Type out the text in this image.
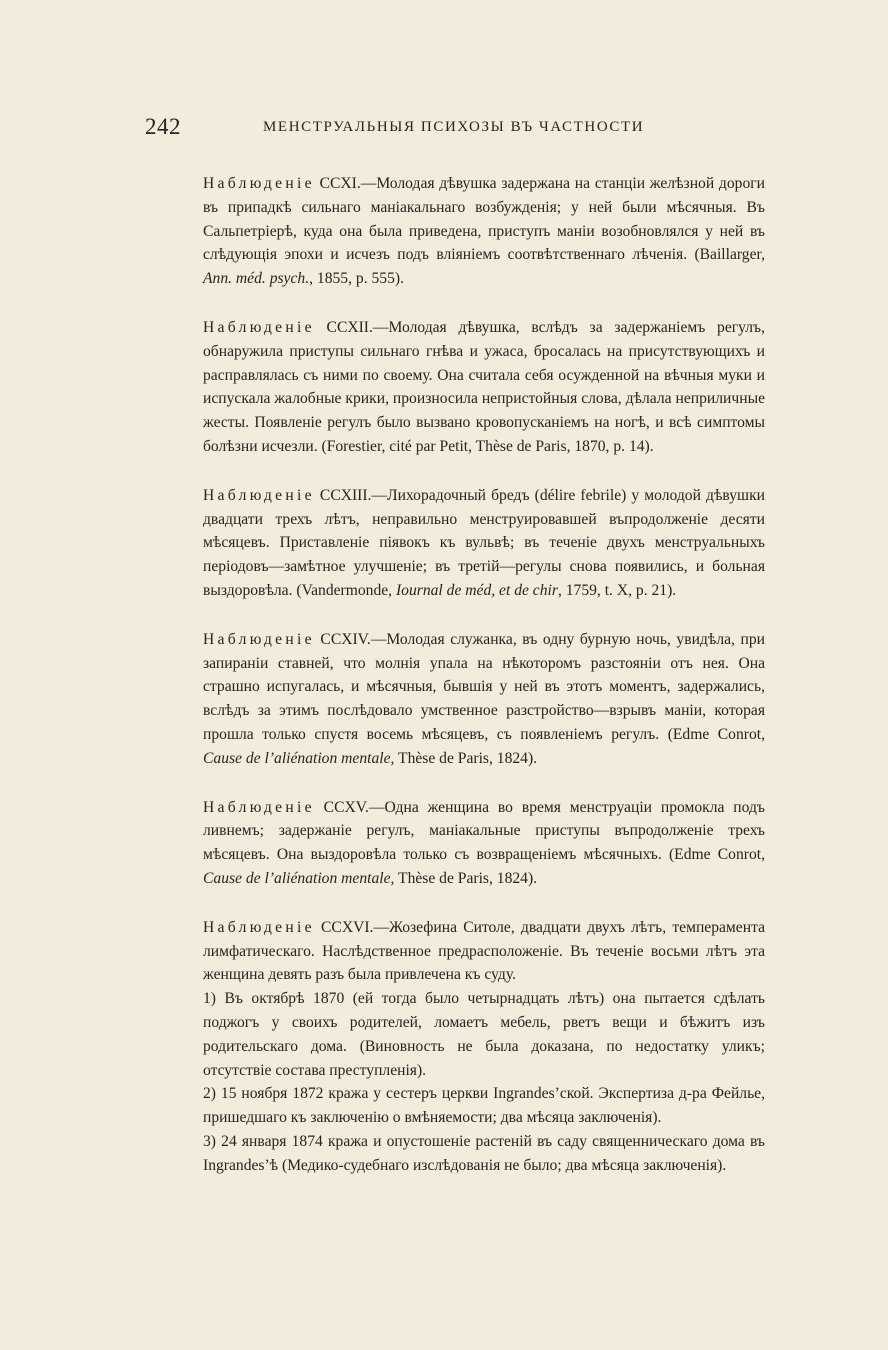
242	МЕНСТРУАЛЬНЫЯ ПСИХОЗЫ ВЪ ЧАСТНОСТИ

Наблюденіе CCXI.—Молодая дѣвушка задержана на станціи желѣзной дороги въ припадкѣ сильнаго маніакальнаго возбужденія; у ней были мѣсячныя. Въ Сальпетріерѣ, куда она была приведена, приступъ маніи возобновлялся у ней въ слѣдующія эпохи и исчезъ подъ вліяніемъ соотвѣтственнаго лѣченія. (Baillarger, Ann. méd. psych., 1855, p. 555).

Наблюденіе CCXII.—Молодая дѣвушка, вслѣдъ за задержаніемъ регулъ, обнаружила приступы сильнаго гнѣва и ужаса, бросалась на присутствующихъ и расправлялась съ ними по своему. Она считала себя осужденной на вѣчныя муки и испускала жалобные крики, произносила непристойныя слова, дѣлала неприличные жесты. Появленіе регулъ было вызвано кровопусканіемъ на ногѣ, и всѣ симптомы болѣзни исчезли. (Forestier, cité par Petit, Thèse de Paris, 1870, p. 14).

Наблюденіе CCXIII.—Лихорадочный бредъ (délire febrile) у молодой дѣвушки двадцати трехъ лѣтъ, неправильно менструировавшей въпродолженіе десяти мѣсяцевъ. Приставленіе піявокъ къ вульвѣ; въ теченіе двухъ менструальныхъ періодовъ—замѣтное улучшеніе; въ третій—регулы снова появились, и больная выздоровѣла. (Vandermonde, Iournal de méd, et de chir, 1759, t. X, p. 21).

Наблюденіе CCXIV.—Молодая служанка, въ одну бурную ночь, увидѣла, при запираніи ставней, что молнія упала на нѣкоторомъ разстояніи отъ нея. Она страшно испугалась, и мѣсячныя, бывшія у ней въ этотъ моментъ, задержались, вслѣдъ за этимъ послѣдовало умственное разстройство—взрывъ маніи, которая прошла только спустя восемь мѣсяцевъ, съ появленіемъ регулъ. (Edme Conrot, Cause de l’aliénation mentale, Thèse de Paris, 1824).

Наблюденіе CCXV.—Одна женщина во время менструаціи промокла подъ ливнемъ; задержаніе регулъ, маніакальные приступы въпродолженіе трехъ мѣсяцевъ. Она выздоровѣла только съ возвращеніемъ мѣсячныхъ. (Edme Conrot, Cause de l’aliénation mentale, Thèse de Paris, 1824).

Наблюденіе CCXVI.—Жозефина Ситоле, двадцати двухъ лѣтъ, темперамента лимфатическаго. Наслѣдственное предрасположеніе. Въ теченіе восьми лѣтъ эта женщина девять разъ была привлечена къ суду.

1) Въ октябрѣ 1870 (ей тогда было четырнадцать лѣтъ) она пытается сдѣлать поджогъ у своихъ родителей, ломаетъ мебель, рветъ вещи и бѣжитъ изъ родительскаго дома. (Виновность не была доказана, по недостатку уликъ; отсутствіе состава преступленія).

2) 15 ноября 1872 кража у сестеръ церкви Ingrandes’ской. Экспертиза д-ра Фейлье, пришедшаго къ заключенію о вмѣняемости; два мѣсяца заключенія).

3) 24 января 1874 кража и опустошеніе растеній въ саду священническаго дома въ Ingrandes’ѣ (Медико-судебнаго изслѣдованія не было; два мѣсяца заключенія).
